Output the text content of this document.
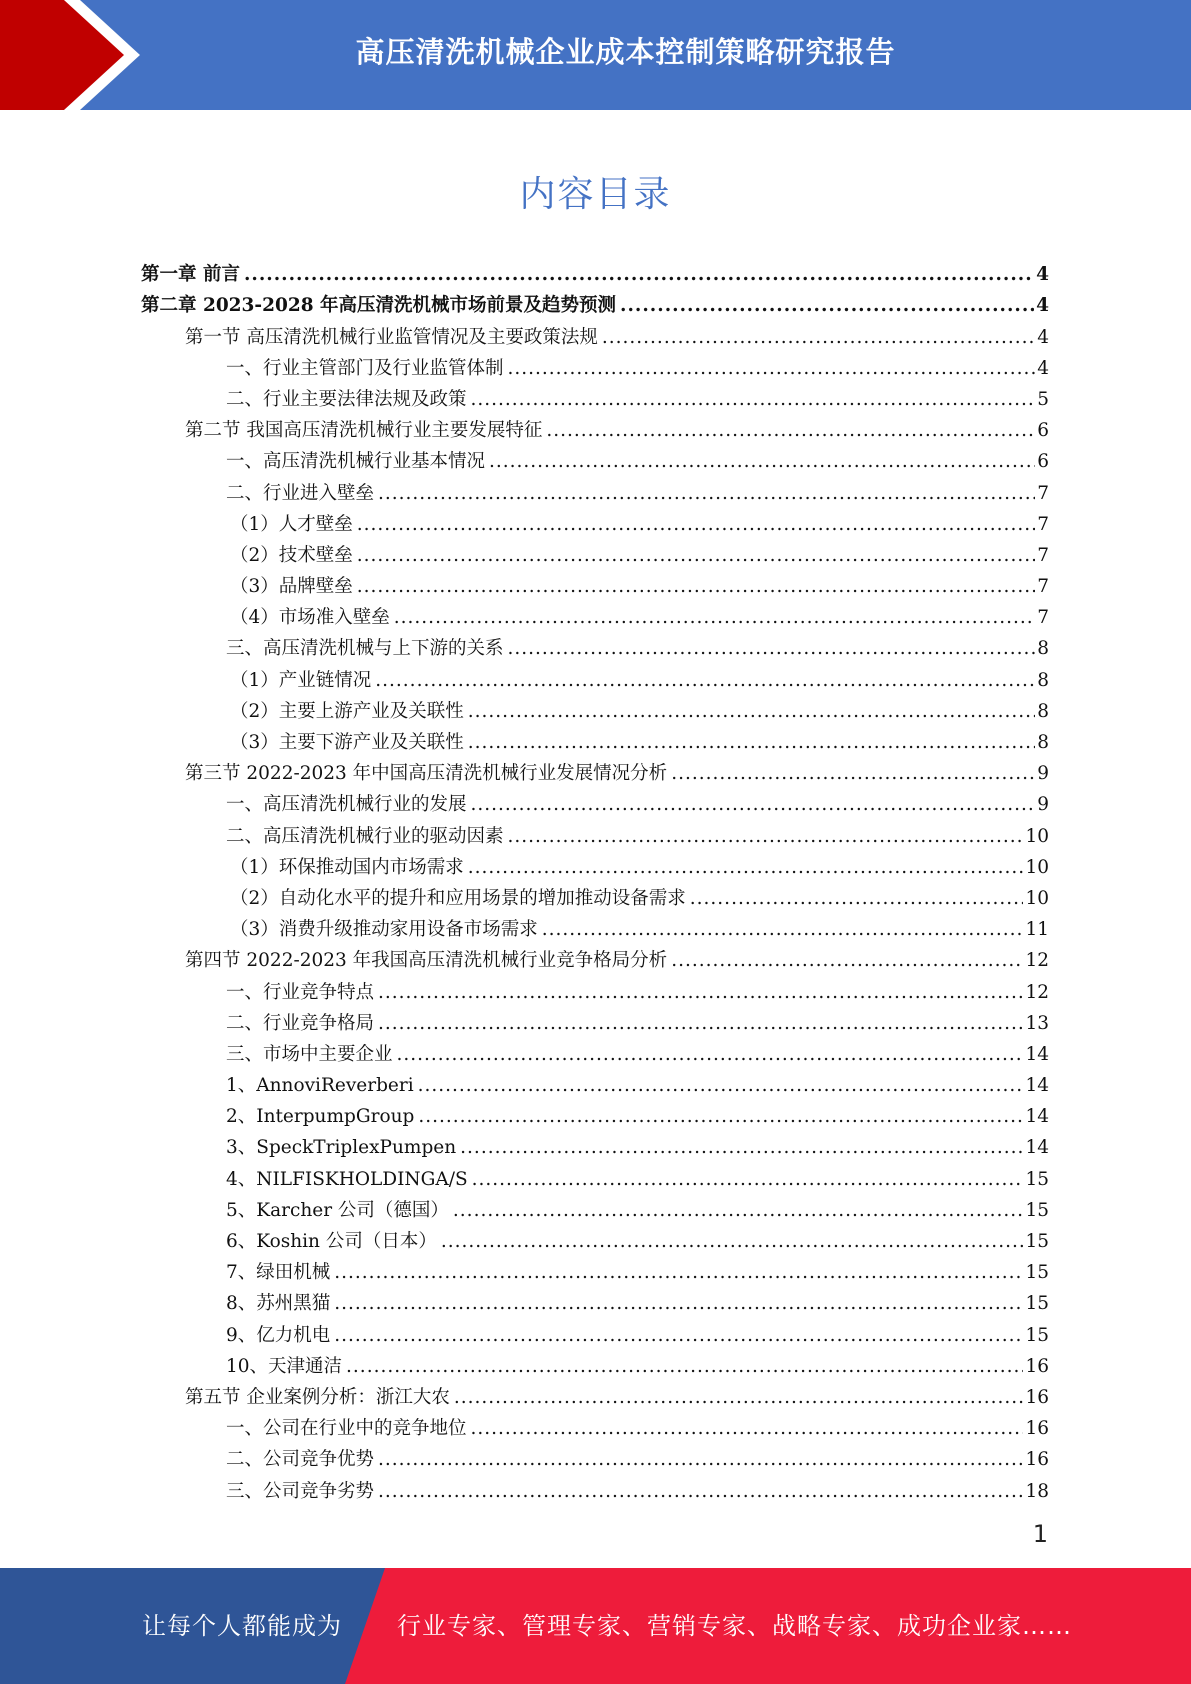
高压清洗机械企业成本控制策略研究报告
内容目录
第一章 前言 .....	4
第二章 2023-2028 年高压清洗机械市场前景及趋势预测 .....	4
第一节 高压清洗机械行业监管情况及主要政策法规 .....	4
一、行业主管部门及行业监管体制 .....	4
二、行业主要法律法规及政策 .....	5
第二节 我国高压清洗机械行业主要发展特征 .....	6
一、高压清洗机械行业基本情况 .....	6
二、行业进入壁垒 .....	7
（1）人才壁垒 .....	7
（2）技术壁垒 .....	7
（3）品牌壁垒 .....	7
（4）市场准入壁垒 .....	7
三、高压清洗机械与上下游的关系 .....	8
（1）产业链情况 .....	8
（2）主要上游产业及关联性 .....	8
（3）主要下游产业及关联性 .....	8
第三节 2022-2023 年中国高压清洗机械行业发展情况分析 .....	9
一、高压清洗机械行业的发展 .....	9
二、高压清洗机械行业的驱动因素 .....	10
（1）环保推动国内市场需求 .....	10
（2）自动化水平的提升和应用场景的增加推动设备需求 .....	10
（3）消费升级推动家用设备市场需求 .....	11
第四节 2022-2023 年我国高压清洗机械行业竞争格局分析 .....	12
一、行业竞争特点 .....	12
二、行业竞争格局 .....	13
三、市场中主要企业 .....	14
1、AnnoviReverberi .....	14
2、InterpumpGroup .....	14
3、SpeckTriplexPumpen .....	14
4、NILFISKHOLDINGA/S .....	15
5、Karcher 公司（德国） .....	15
6、Koshin 公司（日本） .....	15
7、绿田机械 .....	15
8、苏州黑猫 .....	15
9、亿力机电 .....	15
10、天津通洁 .....	16
第五节 企业案例分析：浙江大农 .....	16
一、公司在行业中的竞争地位 .....	16
二、公司竞争优势 .....	16
三、公司竞争劣势 .....	18
1
让每个人都能成为 行业专家、管理专家、营销专家、战略专家、成功企业家……
